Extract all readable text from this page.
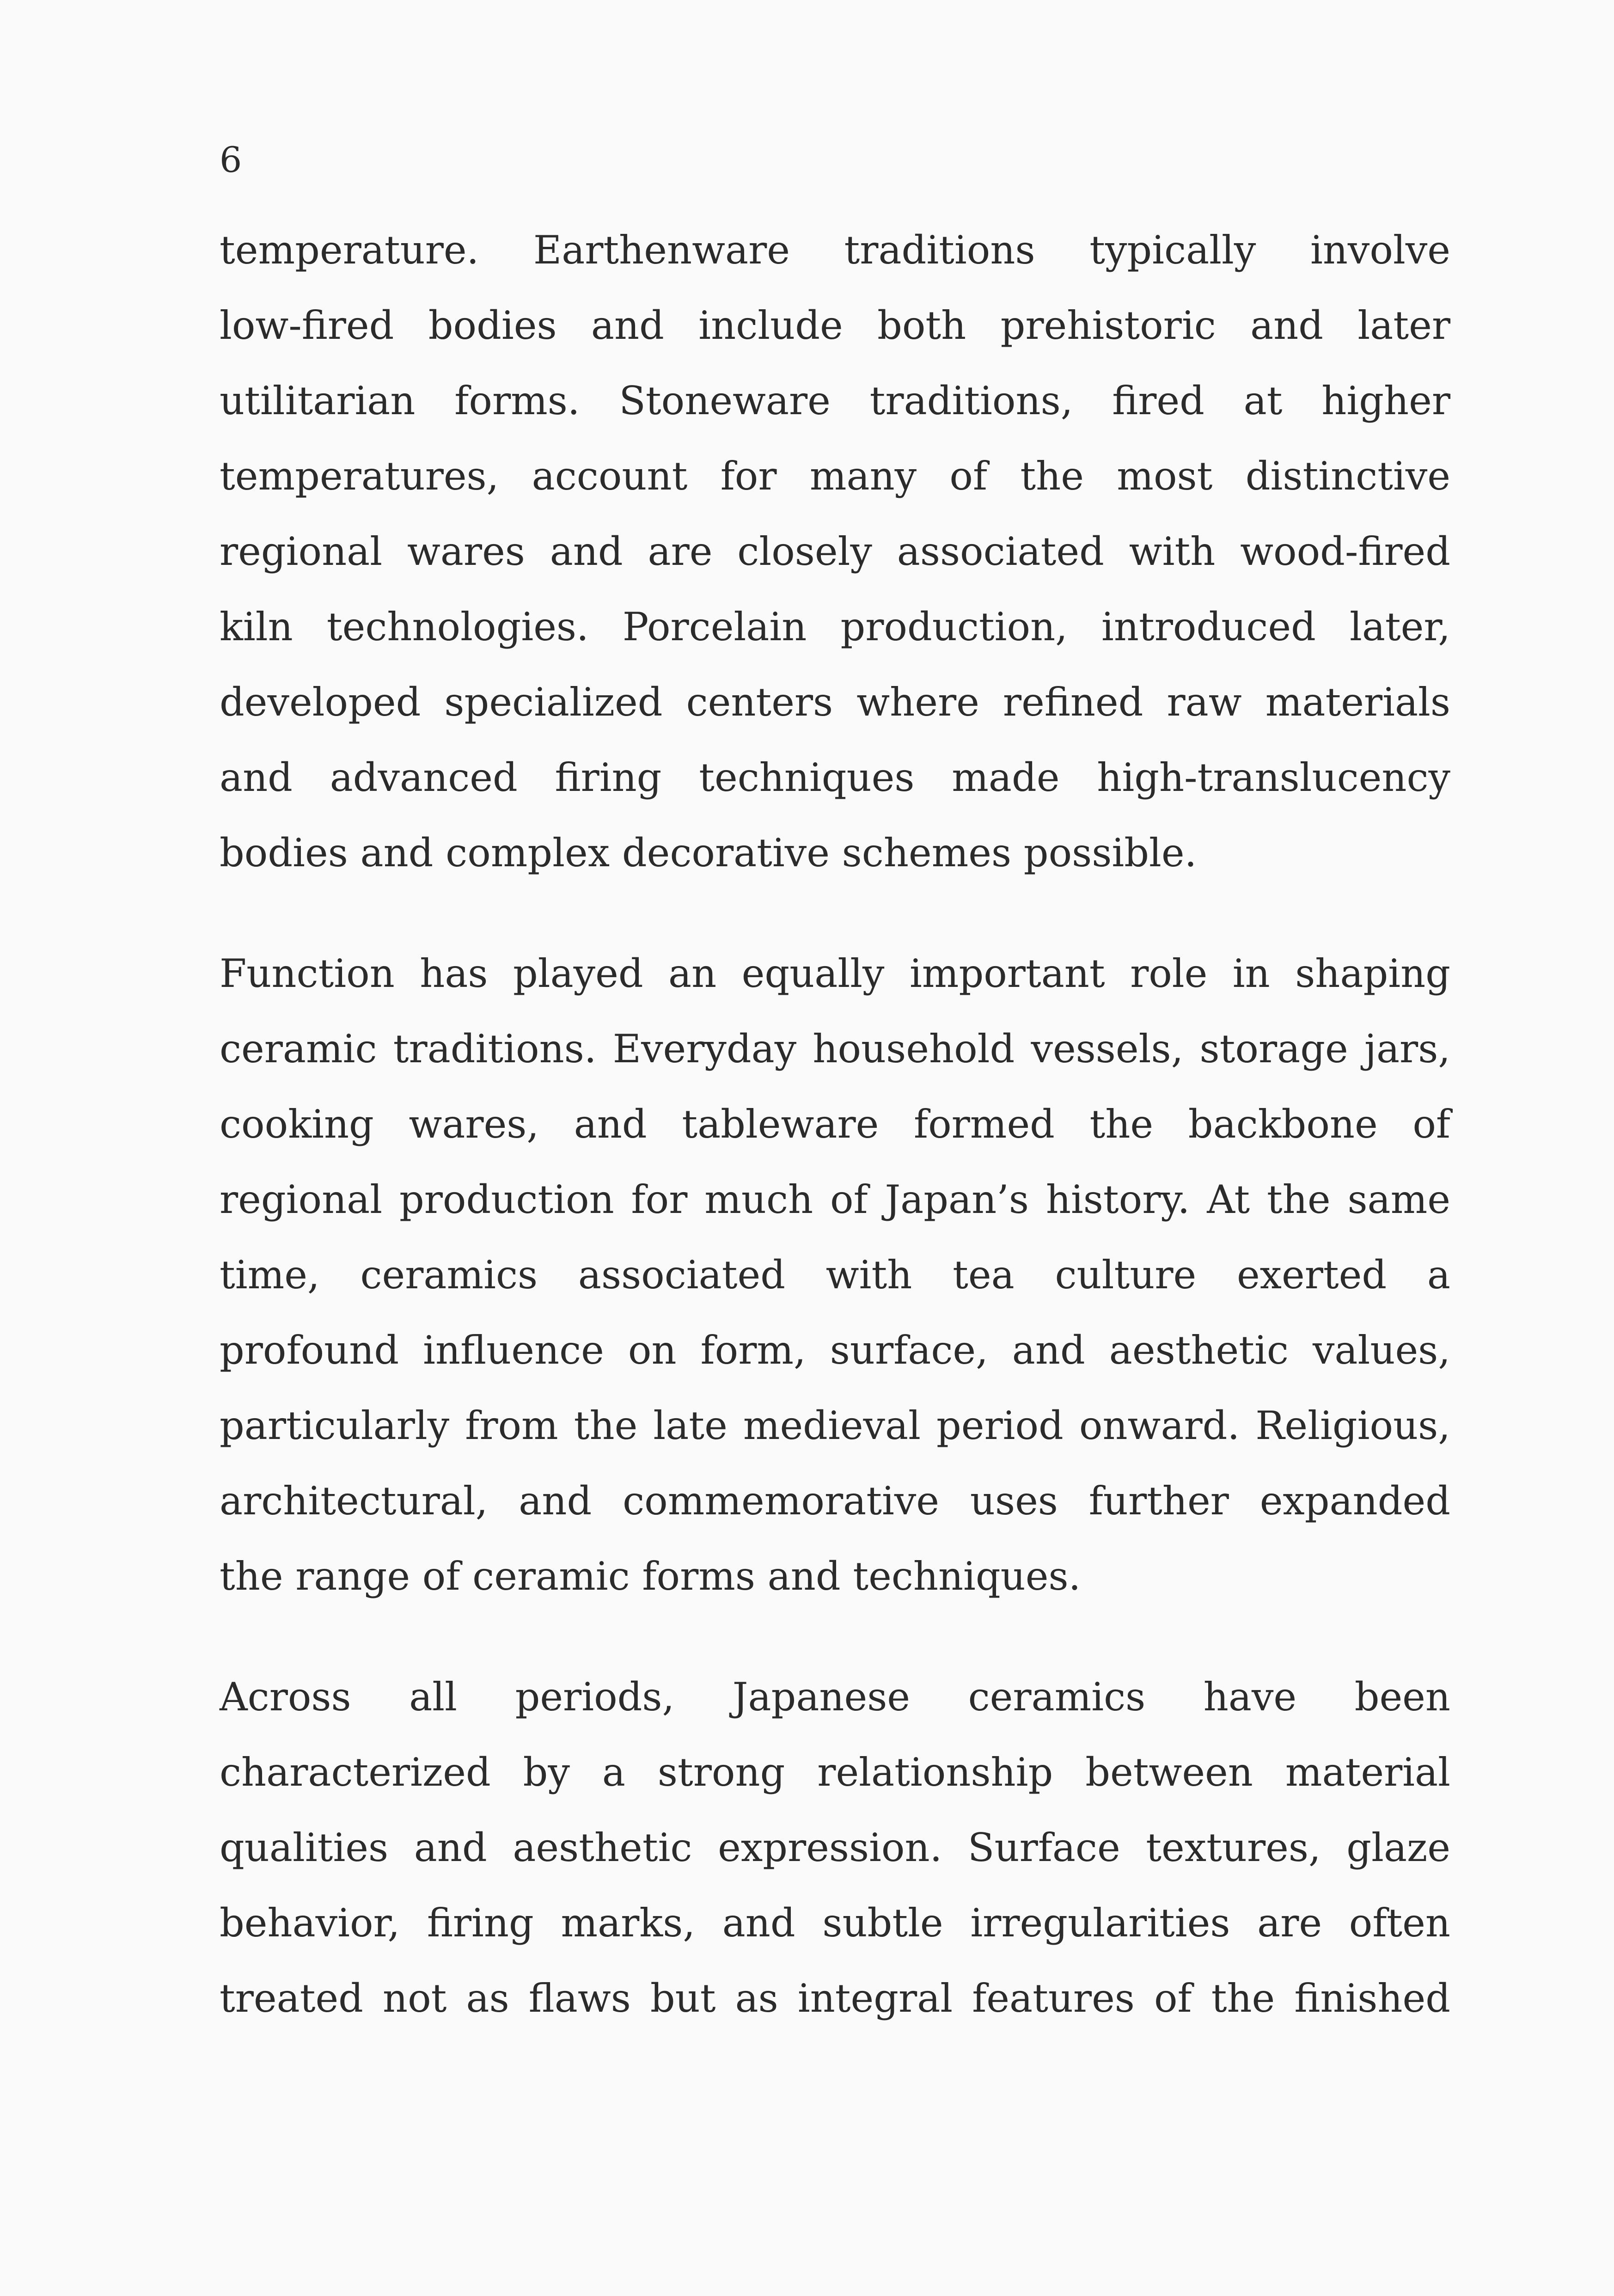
6

temperature. Earthenware traditions typically involve
low-fired bodies and include both prehistoric and later
utilitarian forms. Stoneware traditions, fired at higher
temperatures, account for many of the most distinctive
regional wares and are closely associated with wood-fired
kiln technologies. Porcelain production, introduced later,
developed specialized centers where refined raw materials
and advanced firing techniques made high-translucency
bodies and complex decorative schemes possible.

Function has played an equally important role in shaping
ceramic traditions. Everyday household vessels, storage jars,
cooking wares, and tableware formed the backbone of
regional production for much of Japan’s history. At the same
time, ceramics associated with tea culture exerted a
profound influence on form, surface, and aesthetic values,
particularly from the late medieval period onward. Religious,
architectural, and commemorative uses further expanded
the range of ceramic forms and techniques.

Across all periods, Japanese ceramics have been
characterized by a strong relationship between material
qualities and aesthetic expression. Surface textures, glaze
behavior, firing marks, and subtle irregularities are often
treated not as flaws but as integral features of the finished
